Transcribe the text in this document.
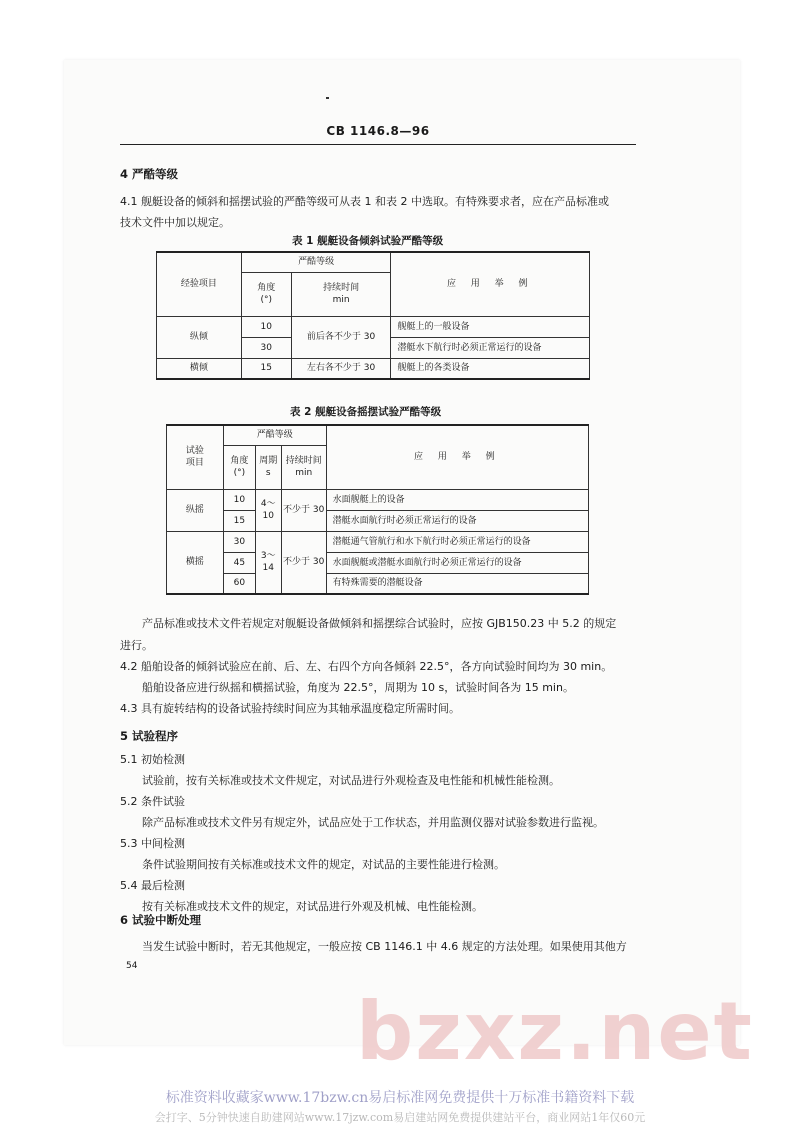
CB 1146.8—96
4 严酷等级
4.1 舰艇设备的倾斜和摇摆试验的严酷等级可从表 1 和表 2 中选取。有特殊要求者，应在产品标准或
技术文件中加以规定。
表 1 舰艇设备倾斜试验严酷等级
经验项目	严酷等级		应 用 举 例
	角度
(°)	持续时间
min	
纵倾	10	前后各不少于 30	舰艇上的一般设备
	30		潜艇水下航行时必须正常运行的设备
横倾	15	左右各不少于 30	舰艇上的各类设备
表 2 舰艇设备摇摆试验严酷等级
试验
项目	严酷等级			应 用 举 例
	角度
(°)	周期
s	持续时间
min	
纵摇	10	4～10	不少于 30	水面舰艇上的设备
	15			潜艇水面航行时必须正常运行的设备
横摇	30	3～14	不少于 30	潜艇通气管航行和水下航行时必须正常运行的设备
	45			水面舰艇或潜艇水面航行时必须正常运行的设备
	60			有特殊需要的潜艇设备
产品标准或技术文件若规定对舰艇设备做倾斜和摇摆综合试验时，应按 GJB150.23 中 5.2 的规定
进行。
4.2 船舶设备的倾斜试验应在前、后、左、右四个方向各倾斜 22.5°，各方向试验时间均为 30 min。
船舶设备应进行纵摇和横摇试验，角度为 22.5°，周期为 10 s，试验时间各为 15 min。
4.3 具有旋转结构的设备试验持续时间应为其轴承温度稳定所需时间。
5 试验程序
5.1 初始检测
试验前，按有关标准或技术文件规定，对试品进行外观检查及电性能和机械性能检测。
5.2 条件试验
除产品标准或技术文件另有规定外，试品应处于工作状态，并用监测仪器对试验参数进行监视。
5.3 中间检测
条件试验期间按有关标准或技术文件的规定，对试品的主要性能进行检测。
5.4 最后检测
按有关标准或技术文件的规定，对试品进行外观及机械、电性能检测。
6 试验中断处理
当发生试验中断时，若无其他规定，一般应按 CB 1146.1 中 4.6 规定的方法处理。如果使用其他方
54
bzxz.net
标准资料收藏家www.17bzw.cn易启标准网免费提供十万标准书籍资料下载
会打字、5分钟快速自助建网站www.17jzw.com易启建站网免费提供建站平台，商业网站1年仅60元
